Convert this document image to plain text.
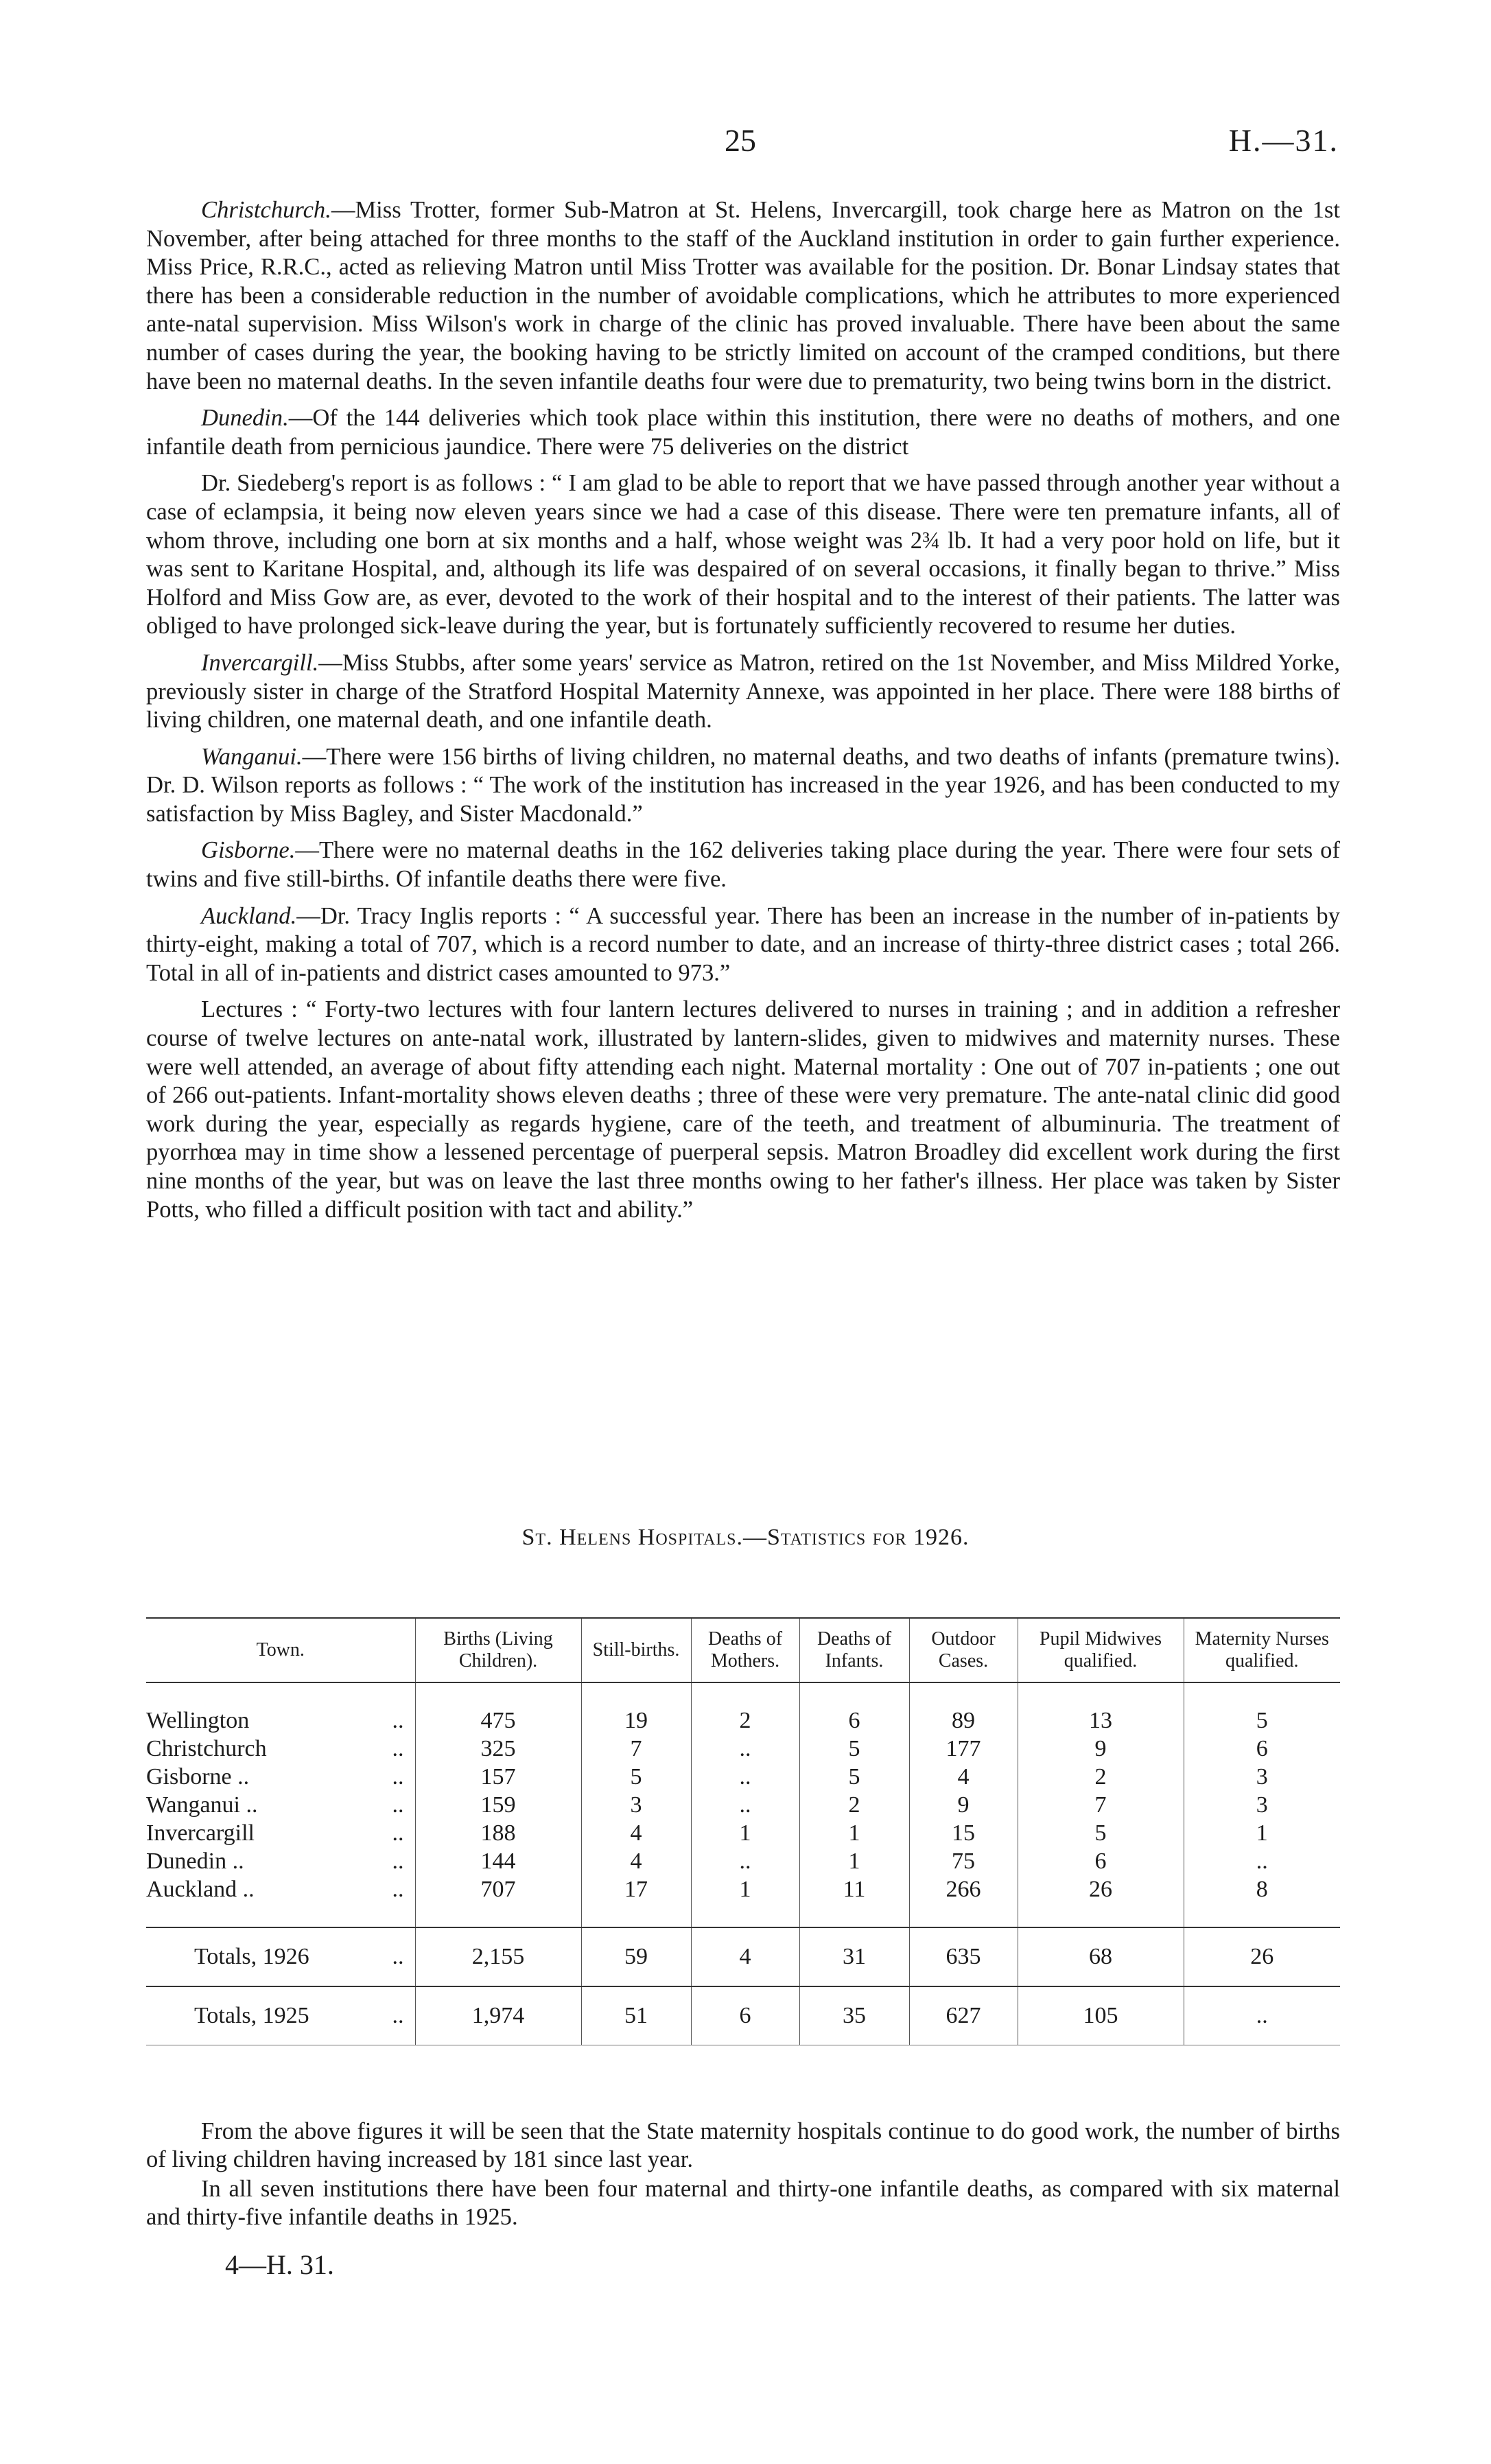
25	H.—31.

Christchurch.—Miss Trotter, former Sub-Matron at St. Helens, Invercargill, took charge here as Matron on the 1st November, after being attached for three months to the staff of the Auckland institution in order to gain further experience. Miss Price, R.R.C., acted as relieving Matron until Miss Trotter was available for the position. Dr. Bonar Lindsay states that there has been a considerable reduction in the number of avoidable complications, which he attributes to more experienced ante-natal supervision. Miss Wilson's work in charge of the clinic has proved invaluable. There have been about the same number of cases during the year, the booking having to be strictly limited on account of the cramped conditions, but there have been no maternal deaths. In the seven infantile deaths four were due to prematurity, two being twins born in the district.

Dunedin.—Of the 144 deliveries which took place within this institution, there were no deaths of mothers, and one infantile death from pernicious jaundice. There were 75 deliveries on the district

Dr. Siedeberg's report is as follows : “ I am glad to be able to report that we have passed through another year without a case of eclampsia, it being now eleven years since we had a case of this disease. There were ten premature infants, all of whom throve, including one born at six months and a half, whose weight was 2¾ lb. It had a very poor hold on life, but it was sent to Karitane Hospital, and, although its life was despaired of on several occasions, it finally began to thrive.” Miss Holford and Miss Gow are, as ever, devoted to the work of their hospital and to the interest of their patients. The latter was obliged to have prolonged sick-leave during the year, but is fortunately sufficiently recovered to resume her duties.

Invercargill.—Miss Stubbs, after some years' service as Matron, retired on the 1st November, and Miss Mildred Yorke, previously sister in charge of the Stratford Hospital Maternity Annexe, was appointed in her place. There were 188 births of living children, one maternal death, and one infantile death.

Wanganui.—There were 156 births of living children, no maternal deaths, and two deaths of infants (premature twins). Dr. D. Wilson reports as follows : “ The work of the institution has increased in the year 1926, and has been conducted to my satisfaction by Miss Bagley, and Sister Macdonald.”

Gisborne.—There were no maternal deaths in the 162 deliveries taking place during the year. There were four sets of twins and five still-births. Of infantile deaths there were five.

Auckland.—Dr. Tracy Inglis reports : “ A successful year. There has been an increase in the number of in-patients by thirty-eight, making a total of 707, which is a record number to date, and an increase of thirty-three district cases ; total 266. Total in all of in-patients and district cases amounted to 973.”

Lectures : “ Forty-two lectures with four lantern lectures delivered to nurses in training ; and in addition a refresher course of twelve lectures on ante-natal work, illustrated by lantern-slides, given to midwives and maternity nurses. These were well attended, an average of about fifty attending each night. Maternal mortality : One out of 707 in-patients ; one out of 266 out-patients. Infant-mortality shows eleven deaths ; three of these were very premature. The ante-natal clinic did good work during the year, especially as regards hygiene, care of the teeth, and treatment of albuminuria. The treatment of pyorrhœa may in time show a lessened percentage of puerperal sepsis. Matron Broadley did excellent work during the first nine months of the year, but was on leave the last three months owing to her father's illness. Her place was taken by Sister Potts, who filled a difficult position with tact and ability.”

St. Helens Hospitals.—Statistics for 1926.
Town.	Births (Living Children).	Still-births.	Deaths of Mothers.	Deaths of Infants.	Outdoor Cases.	Pupil Midwives qualified.	Maternity Nurses qualified.

Wellington ..	475	19	2	6	89	13	5
Christchurch ..	325	7	..	5	177	9	6
Gisborne .. ..	157	5	..	5	4	2	3
Wanganui .. ..	159	3	..	2	9	7	3
Invercargill ..	188	4	1	1	15	5	1
Dunedin .. ..	144	4	..	1	75	6	..
Auckland .. ..	707	17	1	11	266	26	8

Totals, 1926 ..	2,155	59	4	31	635	68	26
Totals, 1925 ..	1,974	51	6	35	627	105	..

From the above figures it will be seen that the State maternity hospitals continue to do good work, the number of births of living children having increased by 181 since last year.

In all seven institutions there have been four maternal and thirty-one infantile deaths, as compared with six maternal and thirty-five infantile deaths in 1925.

4—H. 31.
